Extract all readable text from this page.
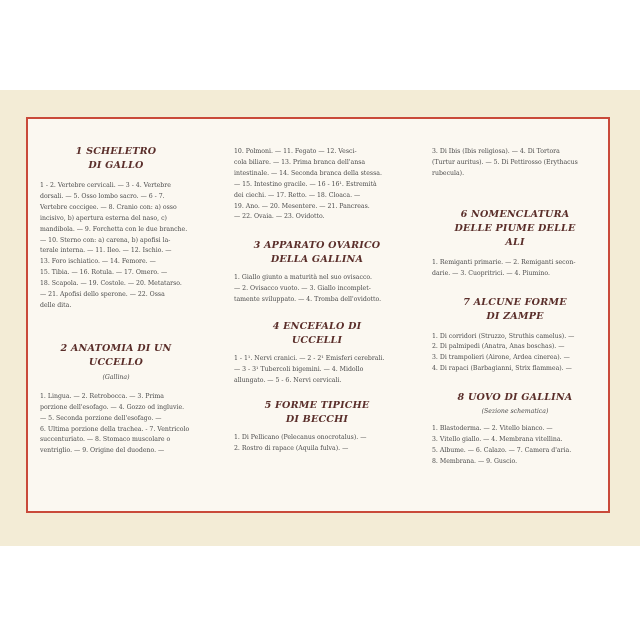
1 SCHELETRO
DI GALLO
1 - 2. Vertebre cervicali. — 3 - 4. Vertebre
dorsali. — 5. Osso lombo sacro. — 6 - 7.
Vertebre coccigee. — 8. Cranio con: a) osso
incisivo, b) apertura esterna del naso, c)
mandibola. — 9. Forchetta con le due branche.
— 10. Sterno con: a) carena, b) apofisi la-
terale interna. — 11. Ileo. — 12. Ischio. —
13. Foro ischiatico. — 14. Femore. —
15. Tibia. — 16. Rotula. — 17. Omero. —
18. Scapola. — 19. Costole. — 20. Metatarso.
— 21. Apofisi dello sperone. — 22. Ossa
delle dita.
2 ANATOMIA DI UN
UCCELLO
(Gallina)
1. Lingua. — 2. Retrobocca. — 3. Prima
porzione dell'esofago. — 4. Gozzo od ingluvie.
— 5. Seconda porzione dell'esofago. —
6. Ultima porzione della trachea. - 7. Ventricolo
succenturiato. — 8. Stomaco muscolare o
ventriglio. — 9. Origine del duodeno. —
10. Polmoni. — 11. Fegato — 12. Vesci-
cola biliare. — 13. Prima branca dell'ansa
intestinale. — 14. Seconda branca della stessa.
— 15. Intestino gracile. — 16 - 16¹. Estremità
dei ciechi. — 17. Retto. — 18. Cloaca. —
19. Ano. — 20. Mesentere. — 21. Pancreas.
— 22. Ovaia. — 23. Ovidotto.
3 APPARATO OVARICO
DELLA GALLINA
1. Giallo giunto a maturità nel suo ovisacco.
— 2. Ovisacco vuoto. — 3. Giallo incomplet-
tamente sviluppato. — 4. Tromba dell'ovidotto.
4 ENCEFALO DI
UCCELLI
1 - 1¹. Nervi cranici. — 2 - 2¹ Emisferi cerebrali.
— 3 - 3¹ Tubercoli bigemini. — 4. Midollo
allungato. — 5 - 6. Nervi cervicali.
5 FORME TIPICHE
DI BECCHI
1. Di Pellicano (Pelecanus onocrotalus). —
2. Rostro di rapace (Aquila fulva). —
3. Di Ibis (Ibis religiosa). — 4. Di Tortora
(Turtur auritus). — 5. Di Pettirosso (Erythacus
rubecula).
6 NOMENCLATURA
DELLE PIUME DELLE
ALI
1. Remiganti primarie. — 2. Remiganti secon-
darie. — 3. Cuopritrici. — 4. Piumino.
7 ALCUNE FORME
DI ZAMPE
1. Di corridori (Struzzo, Struthis camelus). —
2. Di palmipedi (Anatra, Anas boschas). —
3. Di trampolieri (Airone, Ardea cinerea). —
4. Di rapaci (Barbagianni, Strix flammea). —
8 UOVO DI GALLINA
(Sezione schematica)
1. Blastoderma. — 2. Vitello bianco. —
3. Vitello giallo. — 4. Membrana vitellina.
5. Albume. — 6. Calazo. — 7. Camera d'aria.
8. Membrana. — 9. Guscio.
